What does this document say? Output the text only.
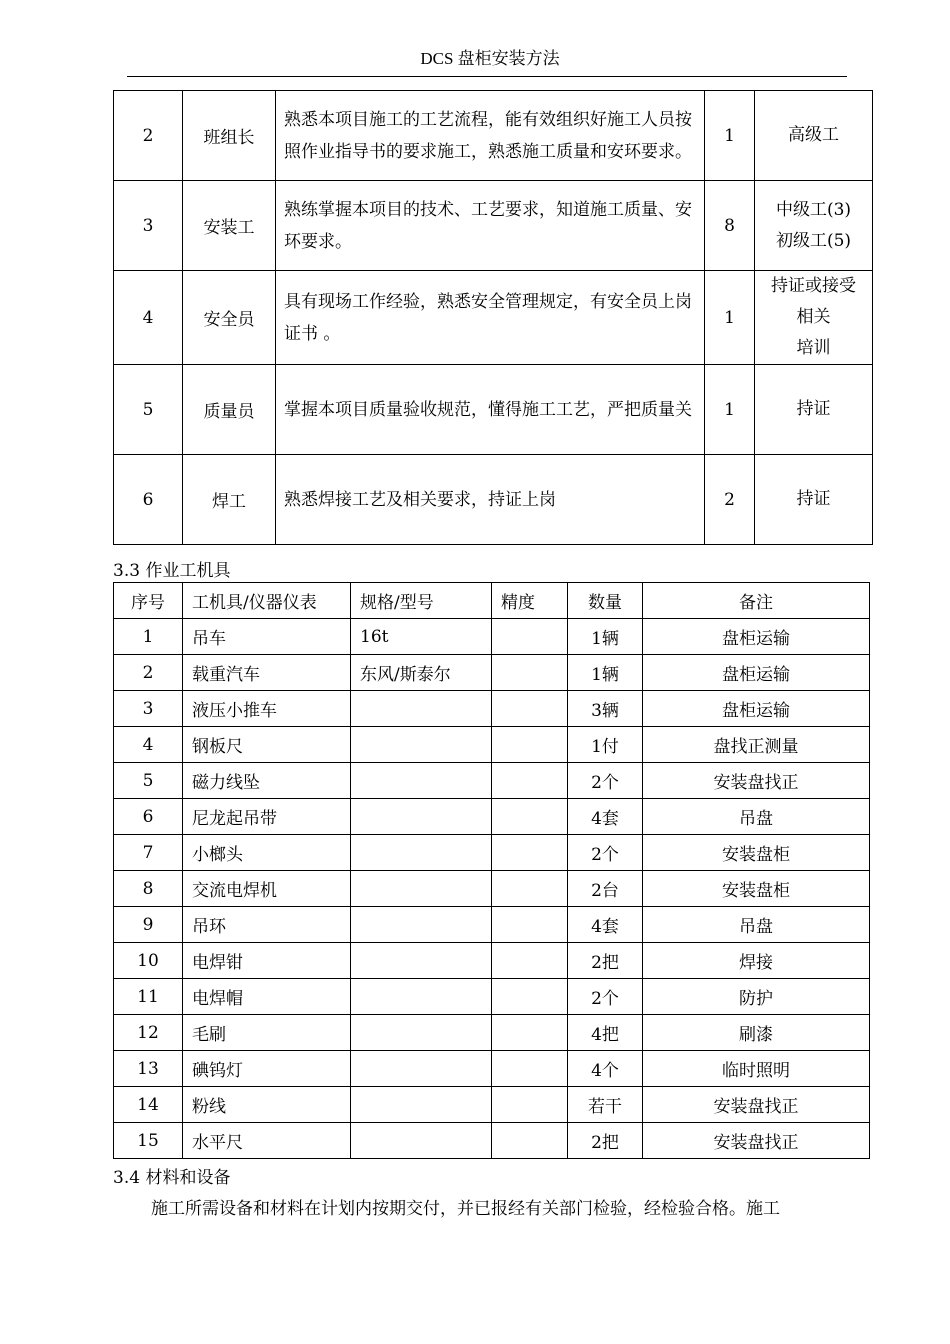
DCS 盘柜安装方法
2	班组长	熟悉本项目施工的工艺流程，能有效组织好施工人员按照作业指导书的要求施工，熟悉施工质量和安环要求。	1	高级工
3	安装工	熟练掌握本项目的技术、工艺要求，知道施工质量、安环要求。	8	中级工(3)
初级工(5)
4	安全员	具有现场工作经验，熟悉安全管理规定，有安全员上岗证书 。	1	持证或接受
相关
培训
5	质量员	掌握本项目质量验收规范，懂得施工工艺，严把质量关	1	持证
6	焊工	熟悉焊接工艺及相关要求，持证上岗	2	持证
3.3 作业工机具
序号	工机具/仪器仪表	规格/型号	精度	数量	备注
1	吊车	16t		1辆	盘柜运输
2	载重汽车	东风/斯泰尔		1辆	盘柜运输
3	液压小推车			3辆	盘柜运输
4	钢板尺			1付	盘找正测量
5	磁力线坠			2个	安装盘找正
6	尼龙起吊带			4套	吊盘
7	小榔头			2个	安装盘柜
8	交流电焊机			2台	安装盘柜
9	吊环			4套	吊盘
10	电焊钳			2把	焊接
11	电焊帽			2个	防护
12	毛刷			4把	刷漆
13	碘钨灯			4个	临时照明
14	粉线			若干	安装盘找正
15	水平尺			2把	安装盘找正
3.4 材料和设备
施工所需设备和材料在计划内按期交付，并已报经有关部门检验，经检验合格。施工
